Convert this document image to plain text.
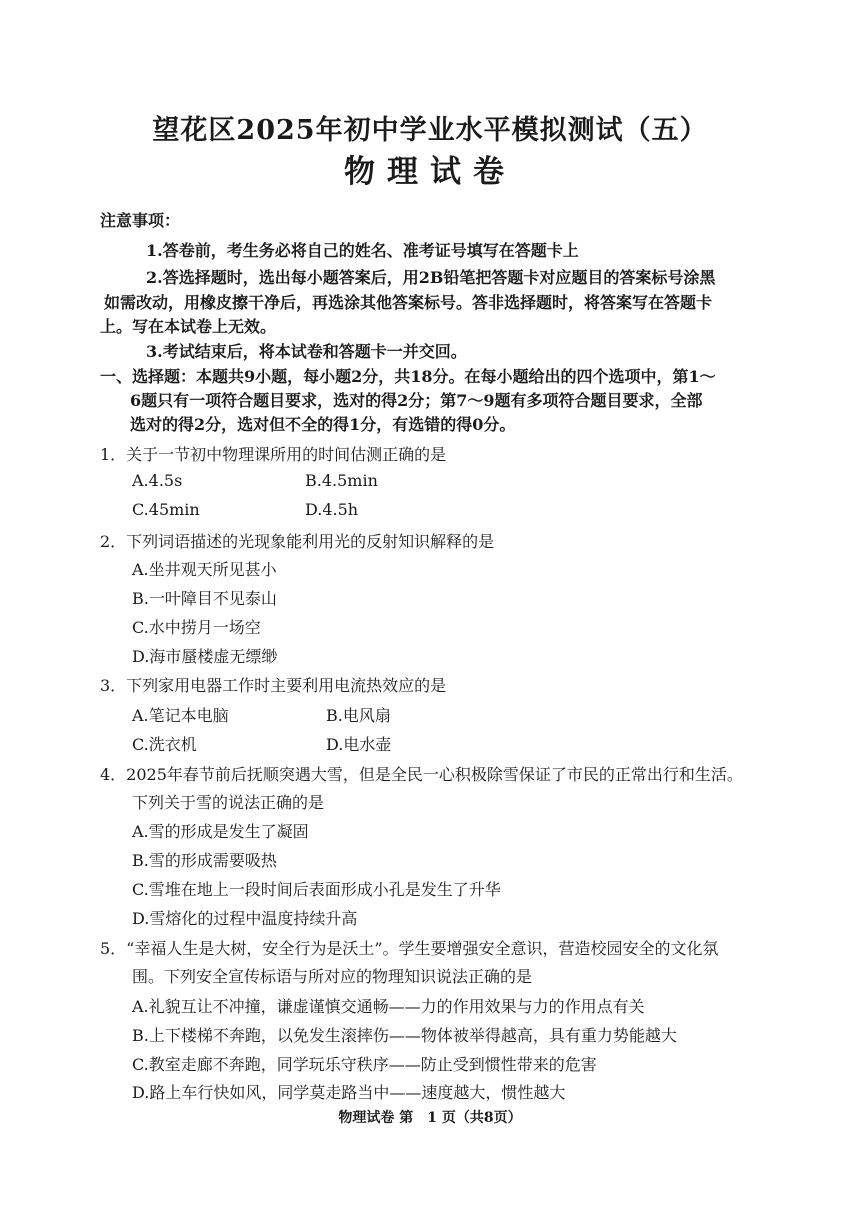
望花区2025年初中学业水平模拟测试（五）
物理试卷
注意事项：
1.答卷前，考生务必将自己的姓名、准考证号填写在答题卡上
2.答选择题时，选出每小题答案后，用2B铅笔把答题卡对应题目的答案标号涂黑
如需改动，用橡皮擦干净后，再选涂其他答案标号。答非选择题时，将答案写在答题卡
上。写在本试卷上无效。
3.考试结束后，将本试卷和答题卡一并交回。
一、选择题：本题共9小题，每小题2分，共18分。在每小题给出的四个选项中，第1～
6题只有一项符合题目要求，选对的得2分；第7～9题有多项符合题目要求，全部
选对的得2分，选对但不全的得1分，有选错的得0分。
1．关于一节初中物理课所用的时间估测正确的是
A.4.5s	B.4.5min
C.45min	D.4.5h
2．下列词语描述的光现象能利用光的反射知识解释的是
A.坐井观天所见甚小
B.一叶障目不见泰山
C.水中捞月一场空
D.海市蜃楼虚无缥缈
3．下列家用电器工作时主要利用电流热效应的是
A.笔记本电脑	B.电风扇
C.洗衣机	D.电水壶
4．2025年春节前后抚顺突遇大雪，但是全民一心积极除雪保证了市民的正常出行和生活。
下列关于雪的说法正确的是
A.雪的形成是发生了凝固
B.雪的形成需要吸热
C.雪堆在地上一段时间后表面形成小孔是发生了升华
D.雪熔化的过程中温度持续升高
5．“幸福人生是大树，安全行为是沃土”。学生要增强安全意识，营造校园安全的文化氛
围。下列安全宣传标语与所对应的物理知识说法正确的是
A.礼貌互让不冲撞，谦虚谨慎交通畅——力的作用效果与力的作用点有关
B.上下楼梯不奔跑，以免发生滚摔伤——物体被举得越高，具有重力势能越大
C.教室走廊不奔跑，同学玩乐守秩序——防止受到惯性带来的危害
D.路上车行快如风，同学莫走路当中——速度越大，惯性越大
物理试卷 第　1 页（共8页）
